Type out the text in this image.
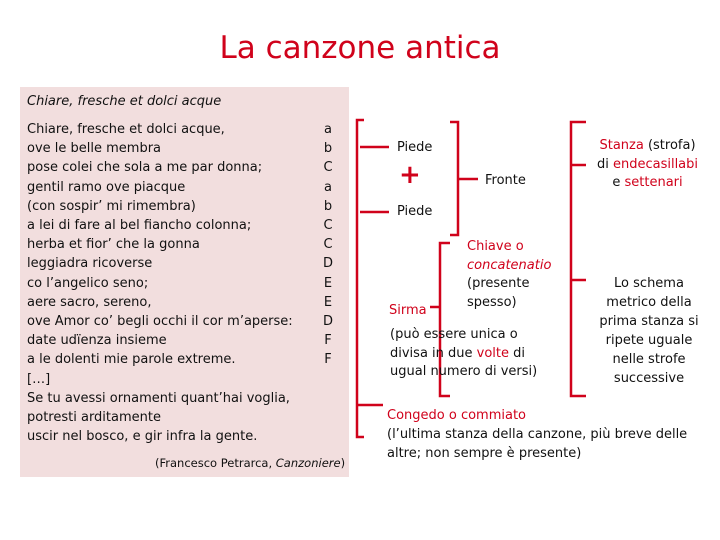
La canzone antica
Chiare, fresche et dolci acque
Chiare, fresche et dolci acque,
ove le belle membra
pose colei che sola a me par donna;
gentil ramo ove piacque
(con sospir’ mi rimembra)
a lei di fare al bel fiancho colonna;
herba et fior’ che la gonna
leggiadra ricoverse
co l’angelico seno;
aere sacro, sereno,
ove Amor co’ begli occhi il cor m’aperse:
date udïenza insieme
a le dolenti mie parole extreme.
[…]
Se tu avessi ornamenti quant’hai voglia,
potresti arditamente
uscir nel bosco, e gir infra la gente.
a
b
C
a
b
C
C
D
E
E
D
F
F
(Francesco Petrarca, Canzoniere)
Piede
+
Piede
Fronte
Chiave o
concatenatio
(presente
spesso)
Sirma
(può essere unica o
divisa in due volte di
ugual numero di versi)
Stanza (strofa)
di endecasillabi
e settenari
Lo schema
metrico della
prima stanza si
ripete uguale
nelle strofe
successive
Congedo o commiato
(l’ultima stanza della canzone, più breve delle
altre; non sempre è presente)
